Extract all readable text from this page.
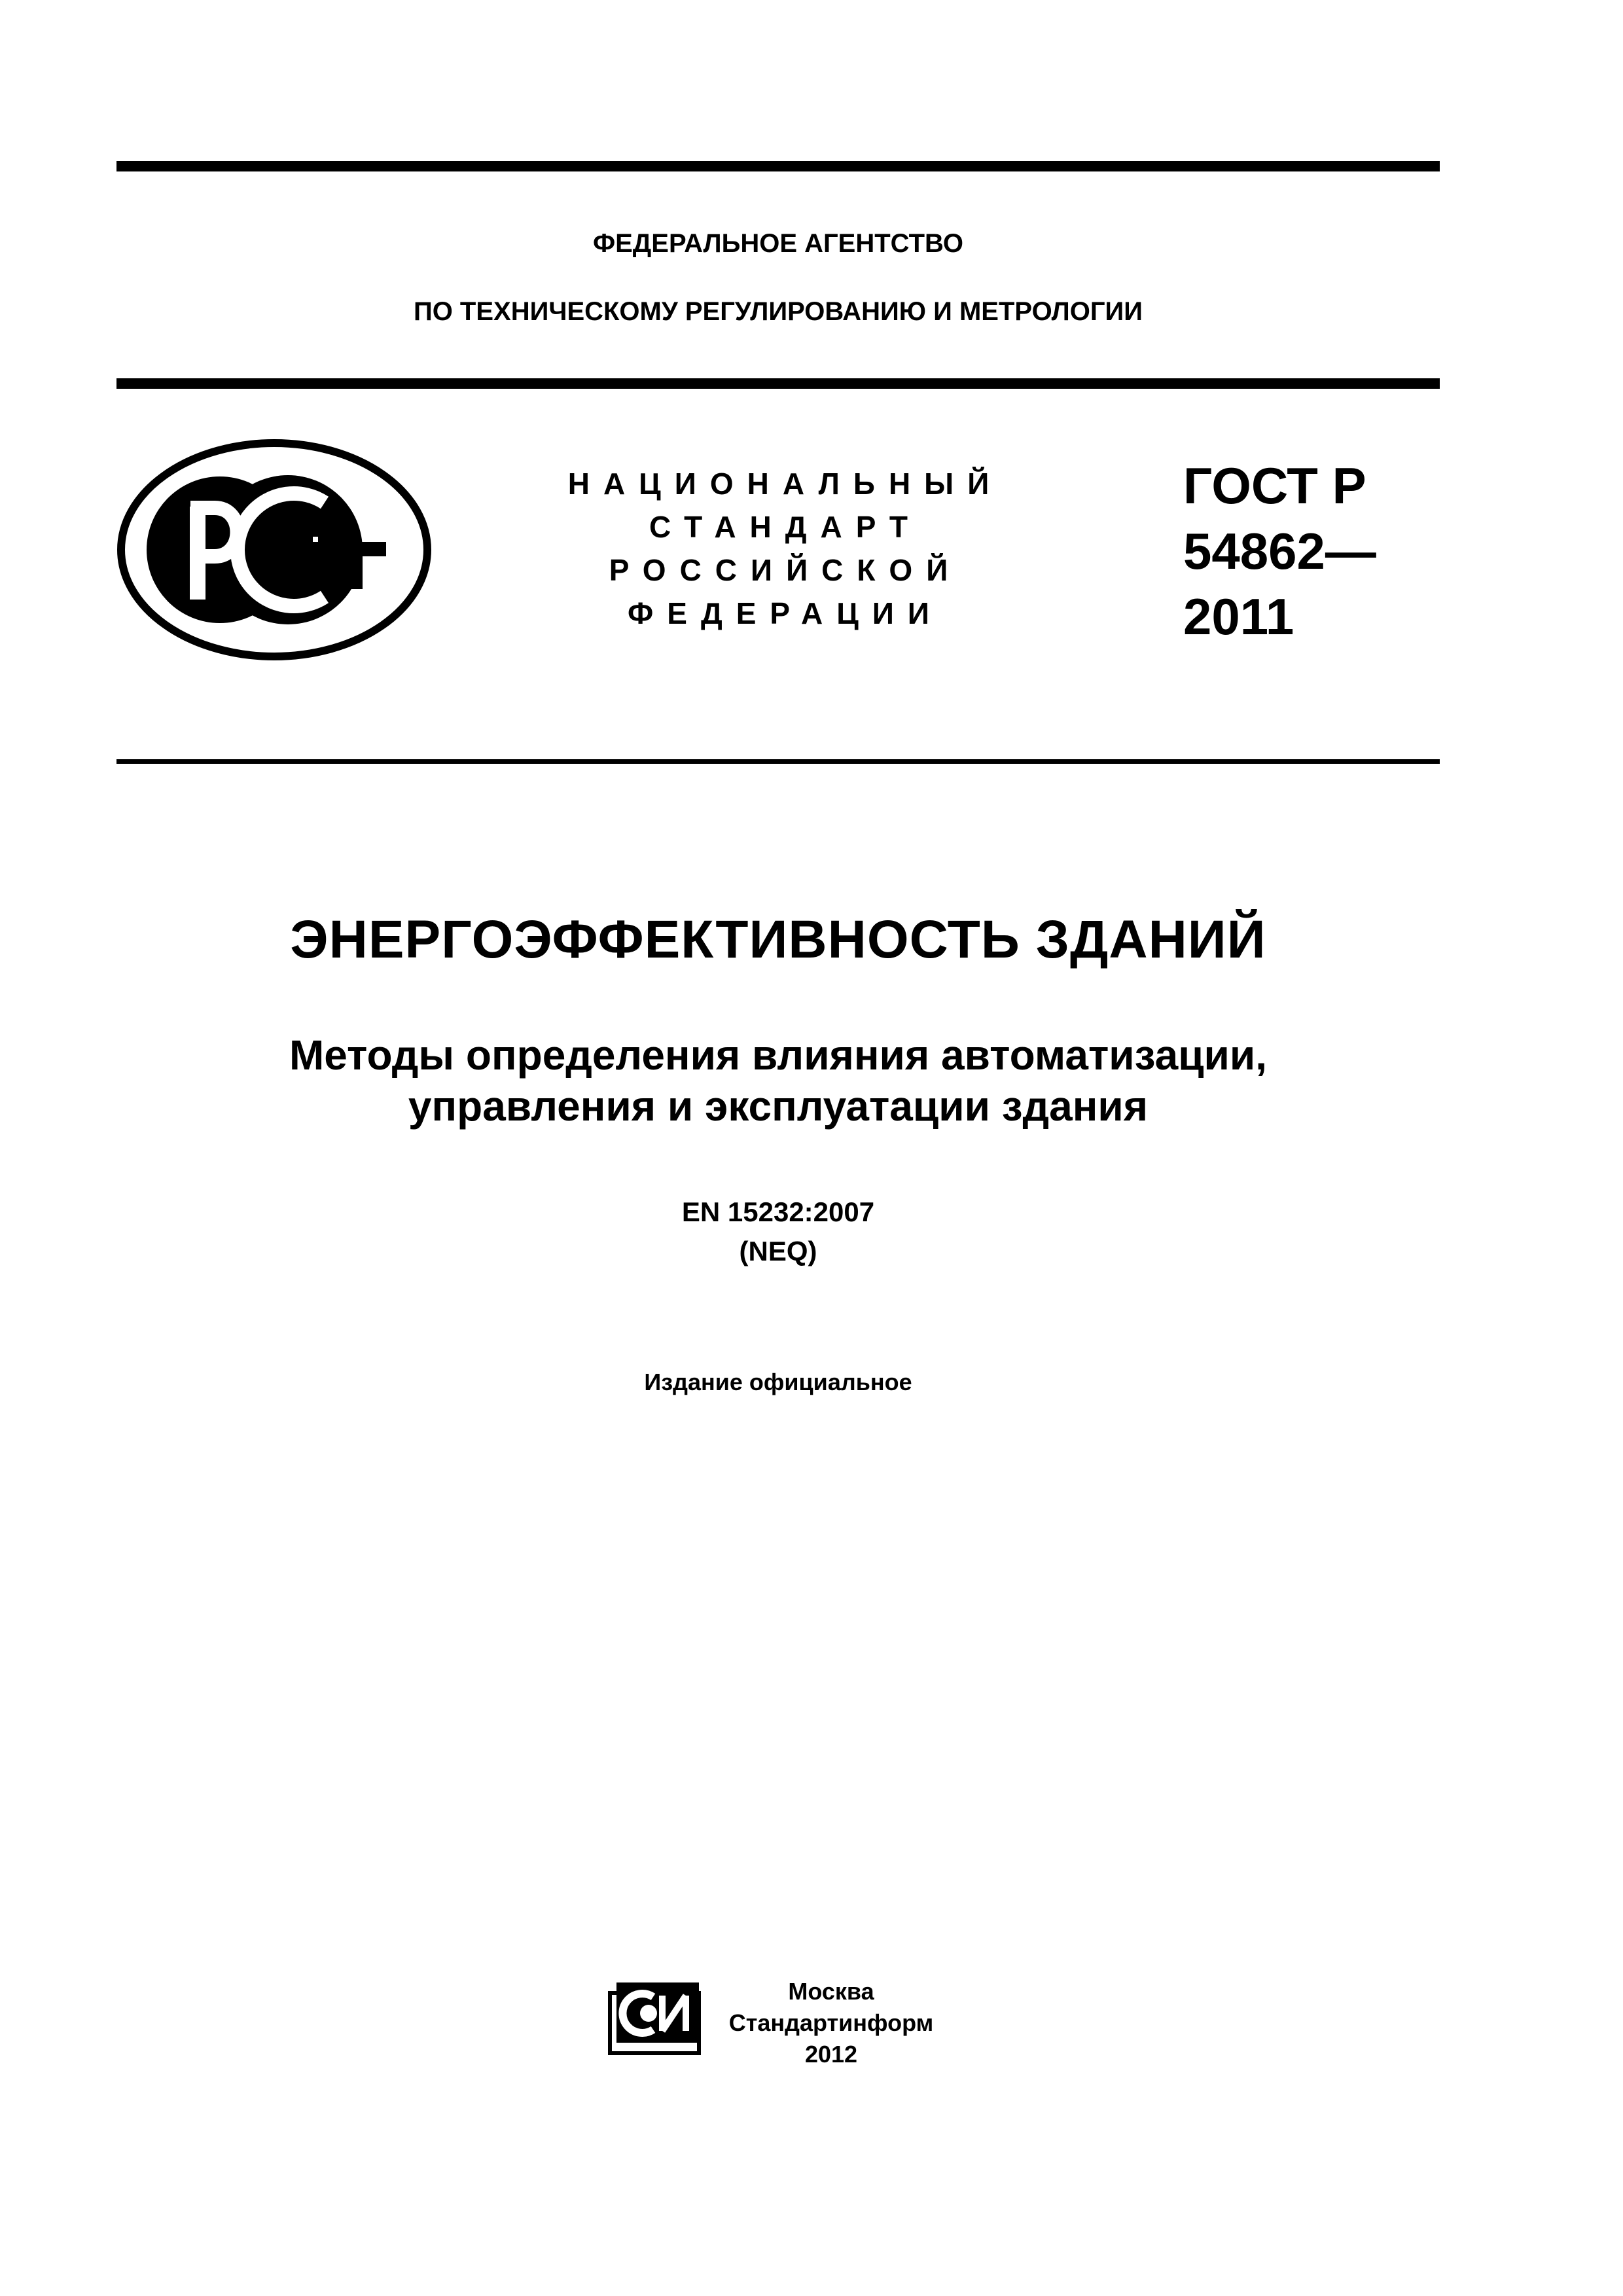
ФЕДЕРАЛЬНОЕ АГЕНТСТВО
ПО ТЕХНИЧЕСКОМУ РЕГУЛИРОВАНИЮ И МЕТРОЛОГИИ
НАЦИОНАЛЬНЫЙ
СТАНДАРТ
РОССИЙСКОЙ
ФЕДЕРАЦИИ
ГОСТ Р
54862—
2011
ЭНЕРГОЭФФЕКТИВНОСТЬ ЗДАНИЙ
Методы определения влияния автоматизации,
управления и эксплуатации здания
EN 15232:2007
(NEQ)
Издание официальное
Москва
Стандартинформ
2012
